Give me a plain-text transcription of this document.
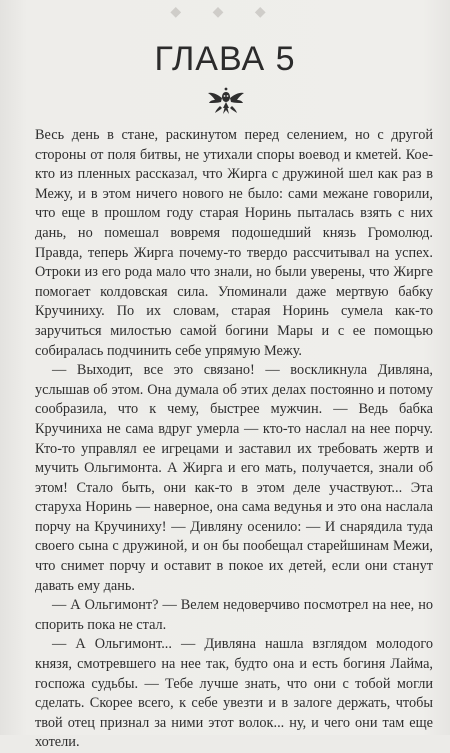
◆ ◆ ◆
ГЛАВА 5

Весь день в стане, раскинутом перед селением, но с другой стороны от поля битвы, не утихали споры воевод и кметей. Кое-кто из пленных рассказал, что Жирга с дружиной шел как раз в Межу, и в этом ничего нового не было: сами межане говорили, что еще в прошлом году старая Норинь пыталась взять с них дань, но помешал вовремя подошедший князь Громолюд. Правда, теперь Жирга почему-то твердо рассчитывал на успех. Отроки из его рода мало что знали, но были уверены, что Жирге помогает колдовская сила. Упоминали даже мертвую бабку Кручиниху. По их словам, старая Норинь сумела как-то заручиться милостью самой богини Мары и с ее помощью собиралась подчинить себе упрямую Межу.

— Выходит, все это связано! — воскликнула Дивляна, услышав об этом. Она думала об этих делах постоянно и потому сообразила, что к чему, быстрее мужчин. — Ведь бабка Кручиниха не сама вдруг умерла — кто-то наслал на нее порчу. Кто-то управлял ее игрецами и заставил их требовать жертв и мучить Ольгимонта. А Жирга и его мать, получается, знали об этом! Стало быть, они как-то в этом деле участвуют... Эта старуха Норинь — наверное, она сама ведунья и это она наслала порчу на Кручиниху! — Дивляну осенило: — И снарядила туда своего сына с дружиной, и он бы пообещал старейшинам Межи, что снимет порчу и оставит в покое их детей, если они станут давать ему дань.

— А Ольгимонт? — Велем недоверчиво посмотрел на нее, но спорить пока не стал.

— А Ольгимонт... — Дивляна нашла взглядом молодого князя, смотревшего на нее так, будто она и есть богиня Лайма, госпожа судьбы. — Тебе лучше знать, что они с тобой могли сделать. Скорее всего, к себе увезти и в залоге держать, чтобы твой отец признал за ними этот волок... ну, и чего они там еще хотели.
